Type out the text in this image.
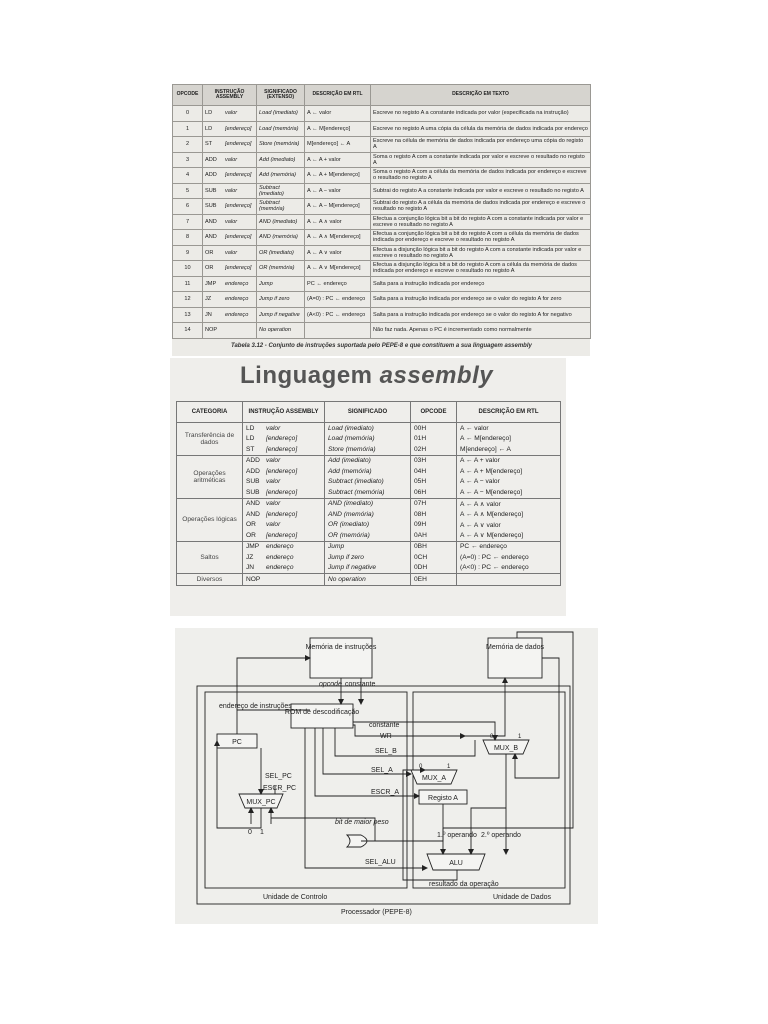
OPCODE	INSTRUÇÃO ASSEMBLY	SIGNIFICADO (EXTENSO)	DESCRIÇÃO EM RTL	DESCRIÇÃO EM TEXTO
0	LD valor	Load (imediato)	A ← valor	Escreve no registo A a constante indicada por valor (especificada na instrução)
1	LD [endereço]	Load (memória)	A ← M[endereço]	Escreve no registo A uma cópia da célula da memória de dados indicada por endereço
2	ST [endereço]	Store (memória)	M[endereço] ← A	Escreve na célula de memória de dados indicada por endereço uma cópia do registo A
3	ADD valor	Add (imediato)	A ← A + valor	Soma o registo A com a constante indicada por valor e escreve o resultado no registo A
4	ADD [endereço]	Add (memória)	A ← A + M[endereço]	Soma o registo A com a célula da memória de dados indicada por endereço e escreve o resultado no registo A
5	SUB valor	Subtract (imediato)	A ← A − valor	Subtrai do registo A a constante indicada por valor e escreve o resultado no registo A
6	SUB [endereço]	Subtract (memória)	A ← A − M[endereço]	Subtrai do registo A a célula da memória de dados indicada por endereço e escreve o resultado no registo A
7	AND valor	AND (imediato)	A ← A ∧ valor	Efectua a conjunção lógica bit a bit do registo A com a constante indicada por valor e escreve o resultado no registo A
8	AND [endereço]	AND (memória)	A ← A ∧ M[endereço]	Efectua a conjunção lógica bit a bit do registo A com a célula da memória de dados indicada por endereço e escreve o resultado no registo A
9	OR valor	OR (imediato)	A ← A ∨ valor	Efectua a disjunção lógica bit a bit do registo A com a constante indicada por valor e escreve o resultado no registo A
10	OR [endereço]	OR (memória)	A ← A ∨ M[endereço]	Efectua a disjunção lógica bit a bit do registo A com a célula da memória de dados indicada por endereço e escreve o resultado no registo A
11	JMP endereço	Jump	PC ← endereço	Salta para a instrução indicada por endereço
12	JZ endereço	Jump if zero	(A=0) : PC ← endereço	Salta para a instrução indicada por endereço se o valor do registo A for zero
13	JN endereço	Jump if negative	(A<0) : PC ← endereço	Salta para a instrução indicada por endereço se o valor do registo A for negativo
14	NOP	No operation		Não faz nada. Apenas o PC é incrementado como normalmente
Tabela 3.12 - Conjunto de instruções suportada pelo PEPE-8 e que constituem a sua linguagem assembly
Linguagem assembly
CATEGORIA	INSTRUÇÃO ASSEMBLY	SIGNIFICADO	OPCODE	DESCRIÇÃO EM RTL
Transferência de dados	LD valor	Load (imediato)	00H	A ← valor
	LD [endereço]	Load (memória)	01H	A ← M[endereço]
	ST [endereço]	Store (memória)	02H	M[endereço] ← A
Operações aritméticas	ADD valor	Add (imediato)	03H	A ← A + valor
	ADD [endereço]	Add (memória)	04H	A ← A + M[endereço]
	SUB valor	Subtract (imediato)	05H	A ← A − valor
	SUB [endereço]	Subtract (memória)	06H	A ← A − M[endereço]
Operações lógicas	AND valor	AND (imediato)	07H	A ← A ∧ valor
	AND [endereço]	AND (memória)	08H	A ← A ∧ M[endereço]
	OR valor	OR (imediato)	09H	A ← A ∨ valor
	OR [endereço]	OR (memória)	0AH	A ← A ∨ M[endereço]
Saltos	JMP endereço	Jump	0BH	PC ← endereço
	JZ endereço	Jump if zero	0CH	(A=0) : PC ← endereço
	JN endereço	Jump if negative	0DH	(A<0) : PC ← endereço
Diversos	NOP	No operation	0EH	
Memória de instruções	Memória de dados
opcode constante
endereço de instruções
ROM de descodificação
PC
MUX_PC
MUX_B
MUX_A
Registo A
ALU
constante
WR
SEL_B
SEL_PC
SEL_A
ESCR_PC
ESCR_A
bit de maior peso
SEL_ALU
1.º operando 2.º operando
resultado da operação
Unidade de Controlo	Unidade de Dados
Processador (PEPE-8)
0 1
0	1
0	1
